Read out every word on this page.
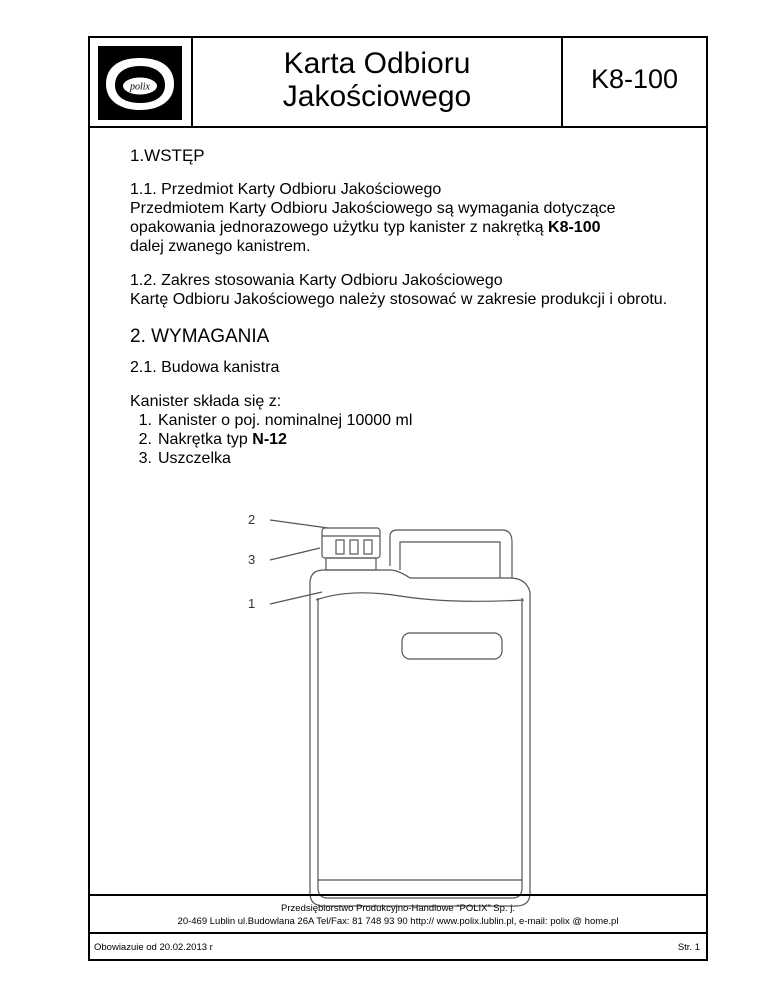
polix
Karta Odbioru
Jakościowego
K8-100
1.WSTĘP

1.1. Przedmiot Karty Odbioru Jakościowego

Przedmiotem Karty Odbioru Jakościowego są wymagania dotyczące opakowania jednorazowego użytku typ kanister z nakrętką K8-100

dalej zwanego kanistrem.

1.2. Zakres stosowania Karty Odbioru Jakościowego

Kartę Odbioru Jakościowego należy stosować w zakresie produkcji i obrotu.

2. WYMAGANIA

2.1. Budowa kanistra

Kanister składa się z:

1. Kanister o poj. nominalnej 10000 ml
2. Nakrętka typ N-12
3. Uszczelka
2
3
1
Przedsiębiorstwo Produkcyjno-Handlowe “POLIX” Sp. j.
20-469 Lublin ul.Budowlana 26A Tel/Fax: 81 748 93 90 http:// www.polix.lublin.pl, e-mail: polix @ home.pl
Obowiazuie od 20.02.2013 r	Str. 1
